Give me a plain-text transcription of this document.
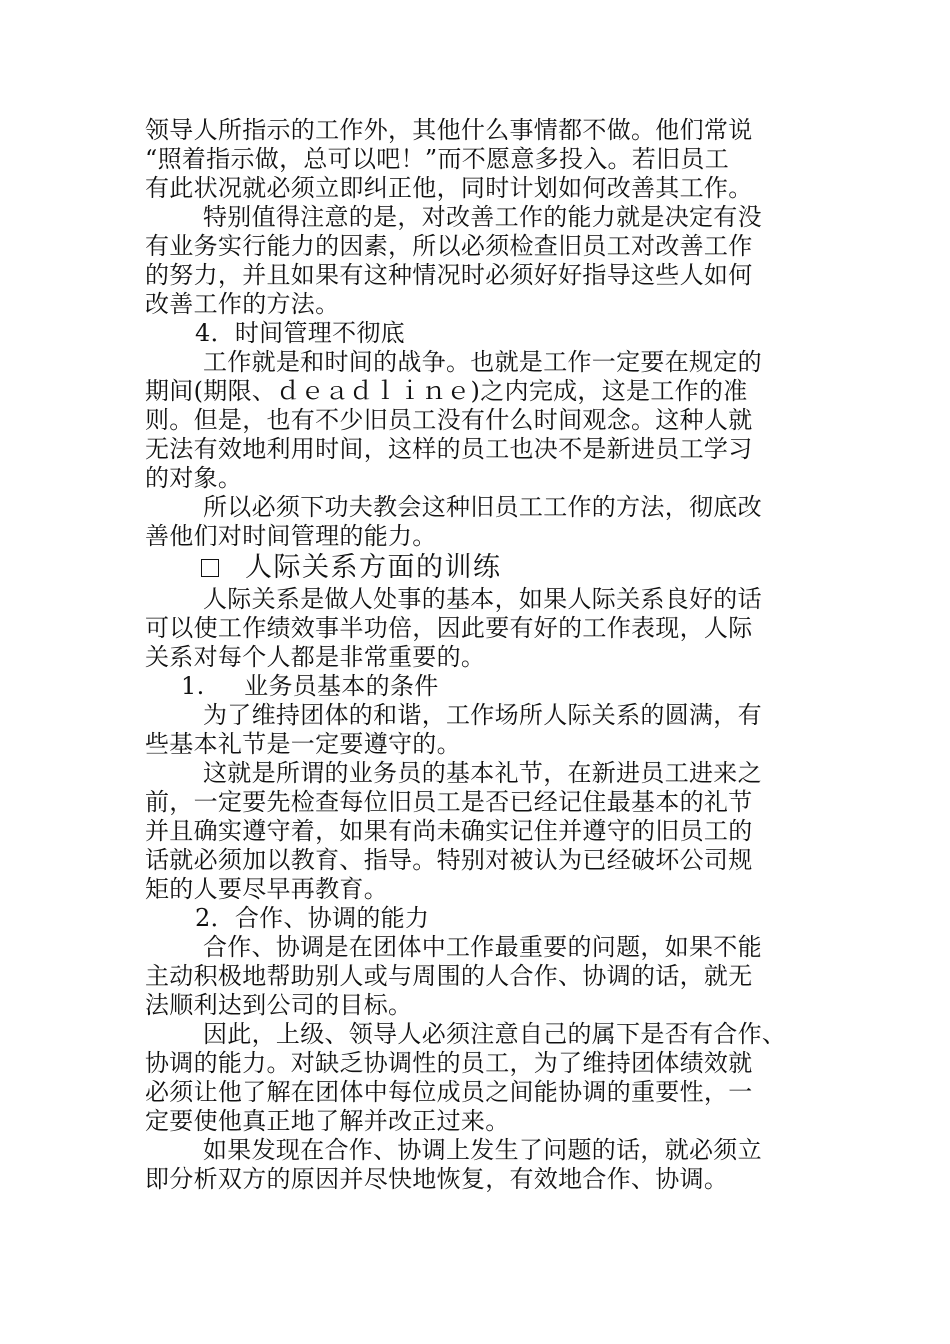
领导人所指示的工作外，其他什么事情都不做。他们常说
“照着指示做，总可以吧！”而不愿意多投入。若旧员工
有此状况就必须立即纠正他，同时计划如何改善其工作。
特别值得注意的是，对改善工作的能力就是决定有没
有业务实行能力的因素，所以必须检查旧员工对改善工作
的努力，并且如果有这种情况时必须好好指导这些人如何
改善工作的方法。
4．时间管理不彻底
工作就是和时间的战争。也就是工作一定要在规定的
期间(期限、ｄｅａｄｌｉｎｅ)之内完成，这是工作的准
则。但是，也有不少旧员工没有什么时间观念。这种人就
无法有效地利用时间，这样的员工也决不是新进员工学习
的对象。
所以必须下功夫教会这种旧员工工作的方法，彻底改
善他们对时间管理的能力。
人际关系方面的训练
人际关系是做人处事的基本，如果人际关系良好的话
可以使工作绩效事半功倍，因此要有好的工作表现，人际
关系对每个人都是非常重要的。
1.     业务员基本的条件
为了维持团体的和谐，工作场所人际关系的圆满，有
些基本礼节是一定要遵守的。
这就是所谓的业务员的基本礼节，在新进员工进来之
前，一定要先检查每位旧员工是否已经记住最基本的礼节
并且确实遵守着，如果有尚未确实记住并遵守的旧员工的
话就必须加以教育、指导。特别对被认为已经破坏公司规
矩的人要尽早再教育。
2．合作、协调的能力
合作、协调是在团体中工作最重要的问题，如果不能
主动积极地帮助别人或与周围的人合作、协调的话，就无
法顺利达到公司的目标。
因此，上级、领导人必须注意自己的属下是否有合作、
协调的能力。对缺乏协调性的员工，为了维持团体绩效就
必须让他了解在团体中每位成员之间能协调的重要性，一
定要使他真正地了解并改正过来。
如果发现在合作、协调上发生了问题的话，就必须立
即分析双方的原因并尽快地恢复，有效地合作、协调。
